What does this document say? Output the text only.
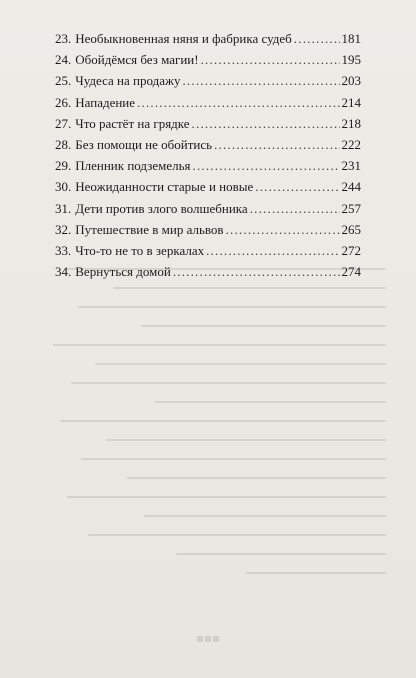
23. Необыкновенная няня и фабрика судеб .....	181
24. Обойдёмся без магии! .....	195
25. Чудеса на продажу .....	203
26. Нападение .....	214
27. Что растёт на грядке .....	218
28. Без помощи не обойтись .....	222
29. Пленник подземелья .....	231
30. Неожиданности старые и новые .....	244
31. Дети против злого волшебника .....	257
32. Путешествие в мир альвов .....	265
33. Что-то не то в зеркалах .....	272
34. Вернуться домой .....	274
